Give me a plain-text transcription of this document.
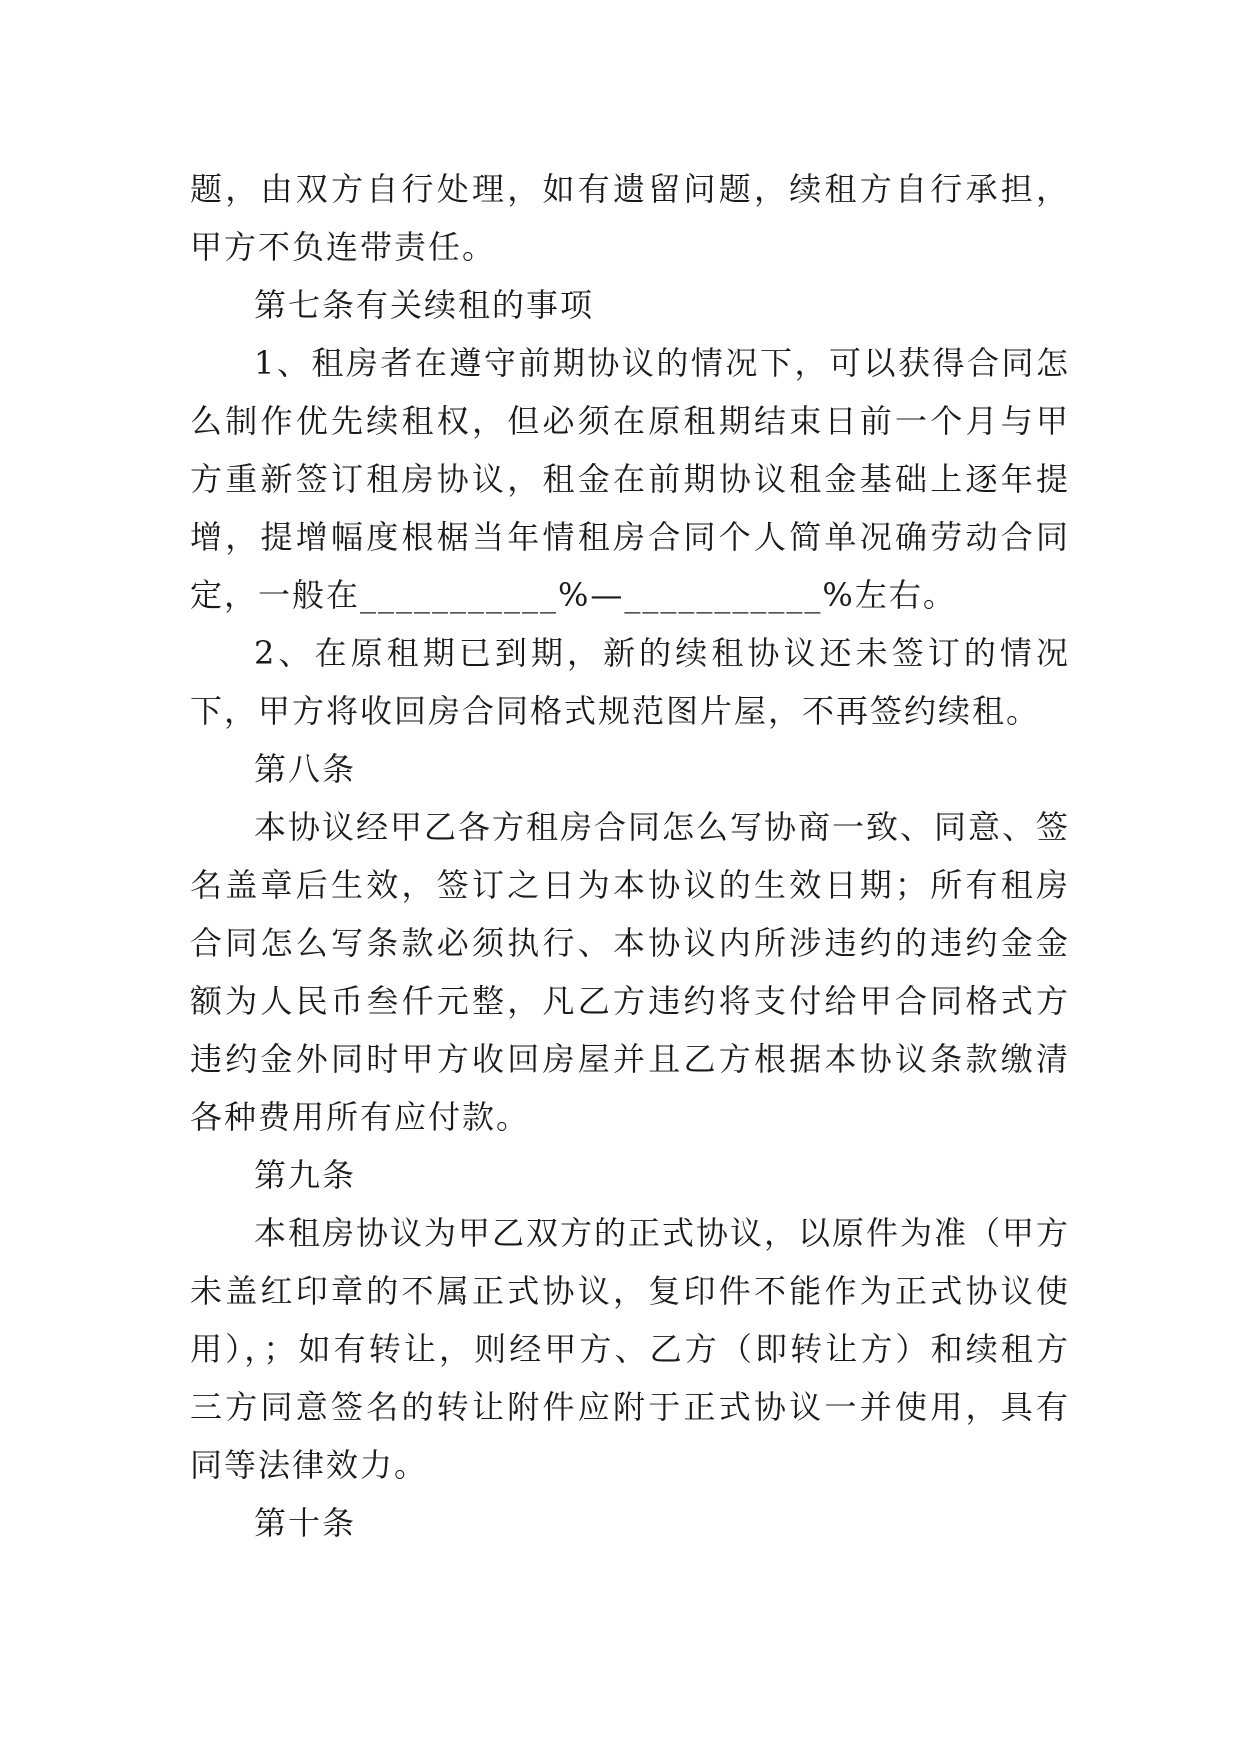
题，由双方自行处理，如有遗留问题，续租方自行承担，甲方不负连带责任。

第七条有关续租的事项

1、租房者在遵守前期协议的情况下，可以获得合同怎么制作优先续租权，但必须在原租期结束日前一个月与甲方重新签订租房协议，租金在前期协议租金基础上逐年提增，提增幅度根椐当年情租房合同个人简单况确劳动合同定，一般在___________%—___________%左右。

2、在原租期已到期，新的续租协议还未签订的情况下，甲方将收回房合同格式规范图片屋，不再签约续租。

第八条

本协议经甲乙各方租房合同怎么写协商一致、同意、签名盖章后生效，签订之日为本协议的生效日期；所有租房合同怎么写条款必须执行、本协议内所涉违约的违约金金额为人民币叁仟元整，凡乙方违约将支付给甲合同格式方违约金外同时甲方收回房屋并且乙方根据本协议条款缴清各种费用所有应付款。

第九条

本租房协议为甲乙双方的正式协议，以原件为准（甲方未盖红印章的不属正式协议，复印件不能作为正式协议使用），；如有转让，则经甲方、乙方（即转让方）和续租方三方同意签名的转让附件应附于正式协议一并使用，具有同等法律效力。

第十条
